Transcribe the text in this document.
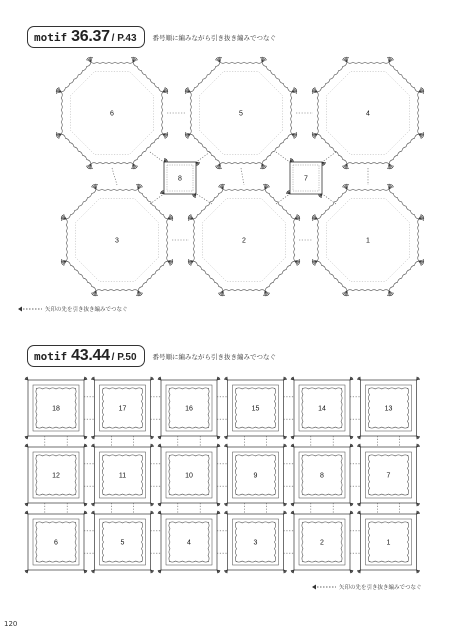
motif 36.37 / P.43 番号順に編みながら引き抜き編みでつなぐ
motif 43.44 / P.50 番号順に編みながら引き抜き編みでつなぐ
1
2
3
4
5
6
7
8
18	17	16	15	14	13
12	11	10	9	8	7
6	5	4	3	2	1
矢印の先を引き抜き編みでつなぐ
矢印の先を引き抜き編みでつなぐ
120
